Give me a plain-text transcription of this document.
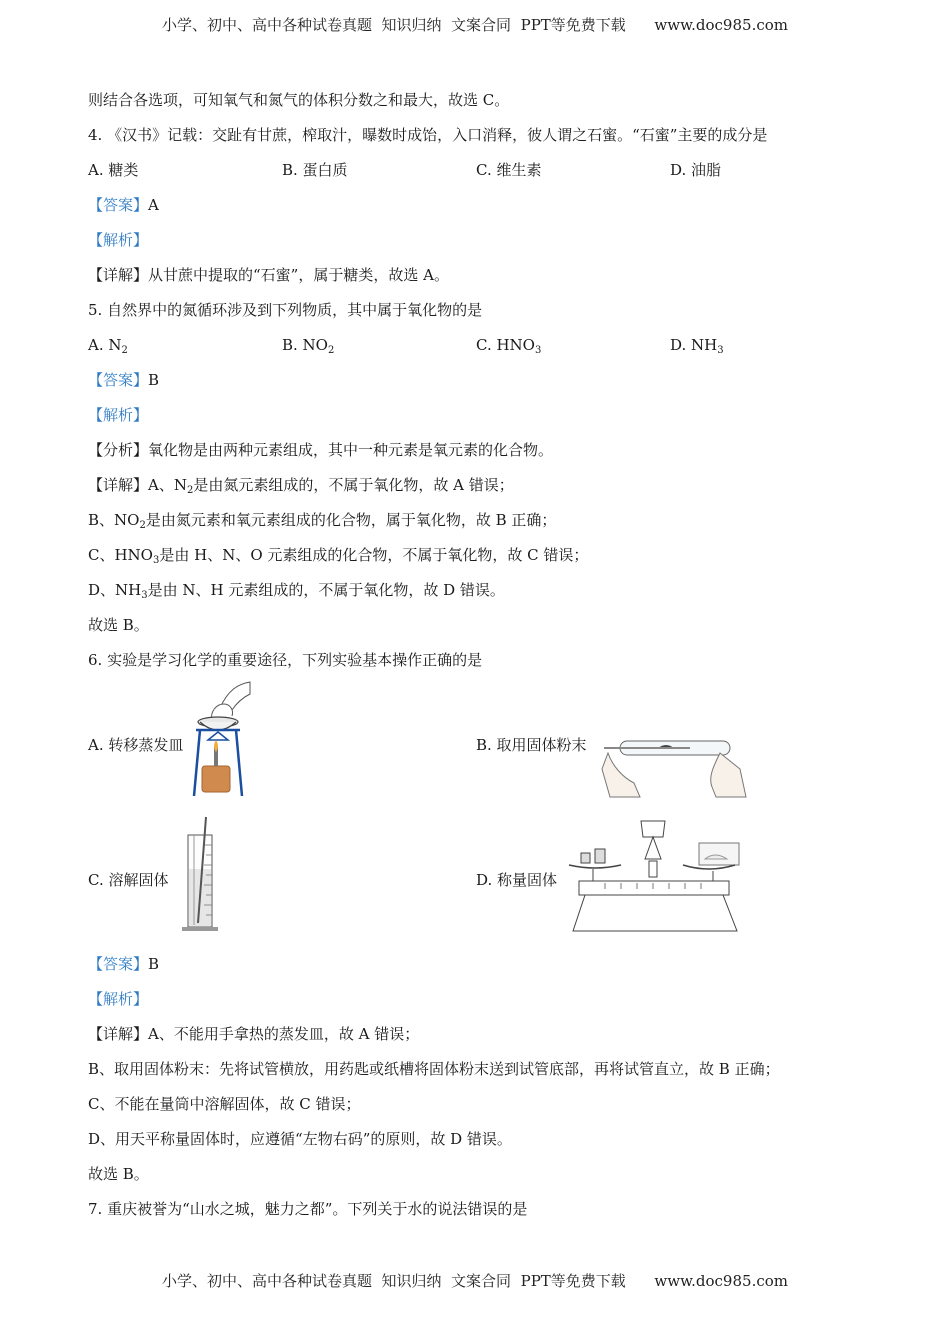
小学、初中、高中各种试卷真题  知识归纳  文案合同  PPT等免费下载      www.doc985.com
则结合各选项，可知氧气和氮气的体积分数之和最大，故选 C。
4. 《汉书》记载：交趾有甘蔗，榨取汁，曝数时成饴，入口消释，彼人谓之石蜜。“石蜜”主要的成分是
A. 糖类	B. 蛋白质	C. 维生素	D. 油脂
【答案】A
【解析】
【详解】从甘蔗中提取的“石蜜”，属于糖类，故选 A。
5. 自然界中的氮循环涉及到下列物质，其中属于氧化物的是
A. $N_2$	B. $NO_2$	C. $HNO_3$	D. $NH_3$
【答案】B
【解析】
【分析】氧化物是由两种元素组成，其中一种元素是氧元素的化合物。
【详解】A、$N_2$是由氮元素组成的，不属于氧化物，故 A 错误；
B、$NO_2$是由氮元素和氧元素组成的化合物，属于氧化物，故 B 正确；
C、$HNO_3$是由 H、N、O 元素组成的化合物，不属于氧化物，故 C 错误；
D、$NH_3$是由 N、H 元素组成的，不属于氧化物，故 D 错误。
故选 B。
6. 实验是学习化学的重要途径，下列实验基本操作正确的是
A. 转移蒸发皿	B. 取用固体粉末
C. 溶解固体	D. 称量固体
【答案】B
【解析】
【详解】A、不能用手拿热的蒸发皿，故 A 错误；
B、取用固体粉末：先将试管横放，用药匙或纸槽将固体粉末送到试管底部，再将试管直立，故 B 正确；
C、不能在量筒中溶解固体，故 C 错误；
D、用天平称量固体时，应遵循“左物右码”的原则，故 D 错误。
故选 B。
7. 重庆被誉为“山水之城，魅力之都”。下列关于水的说法错误的是
小学、初中、高中各种试卷真题  知识归纳  文案合同  PPT等免费下载      www.doc985.com
